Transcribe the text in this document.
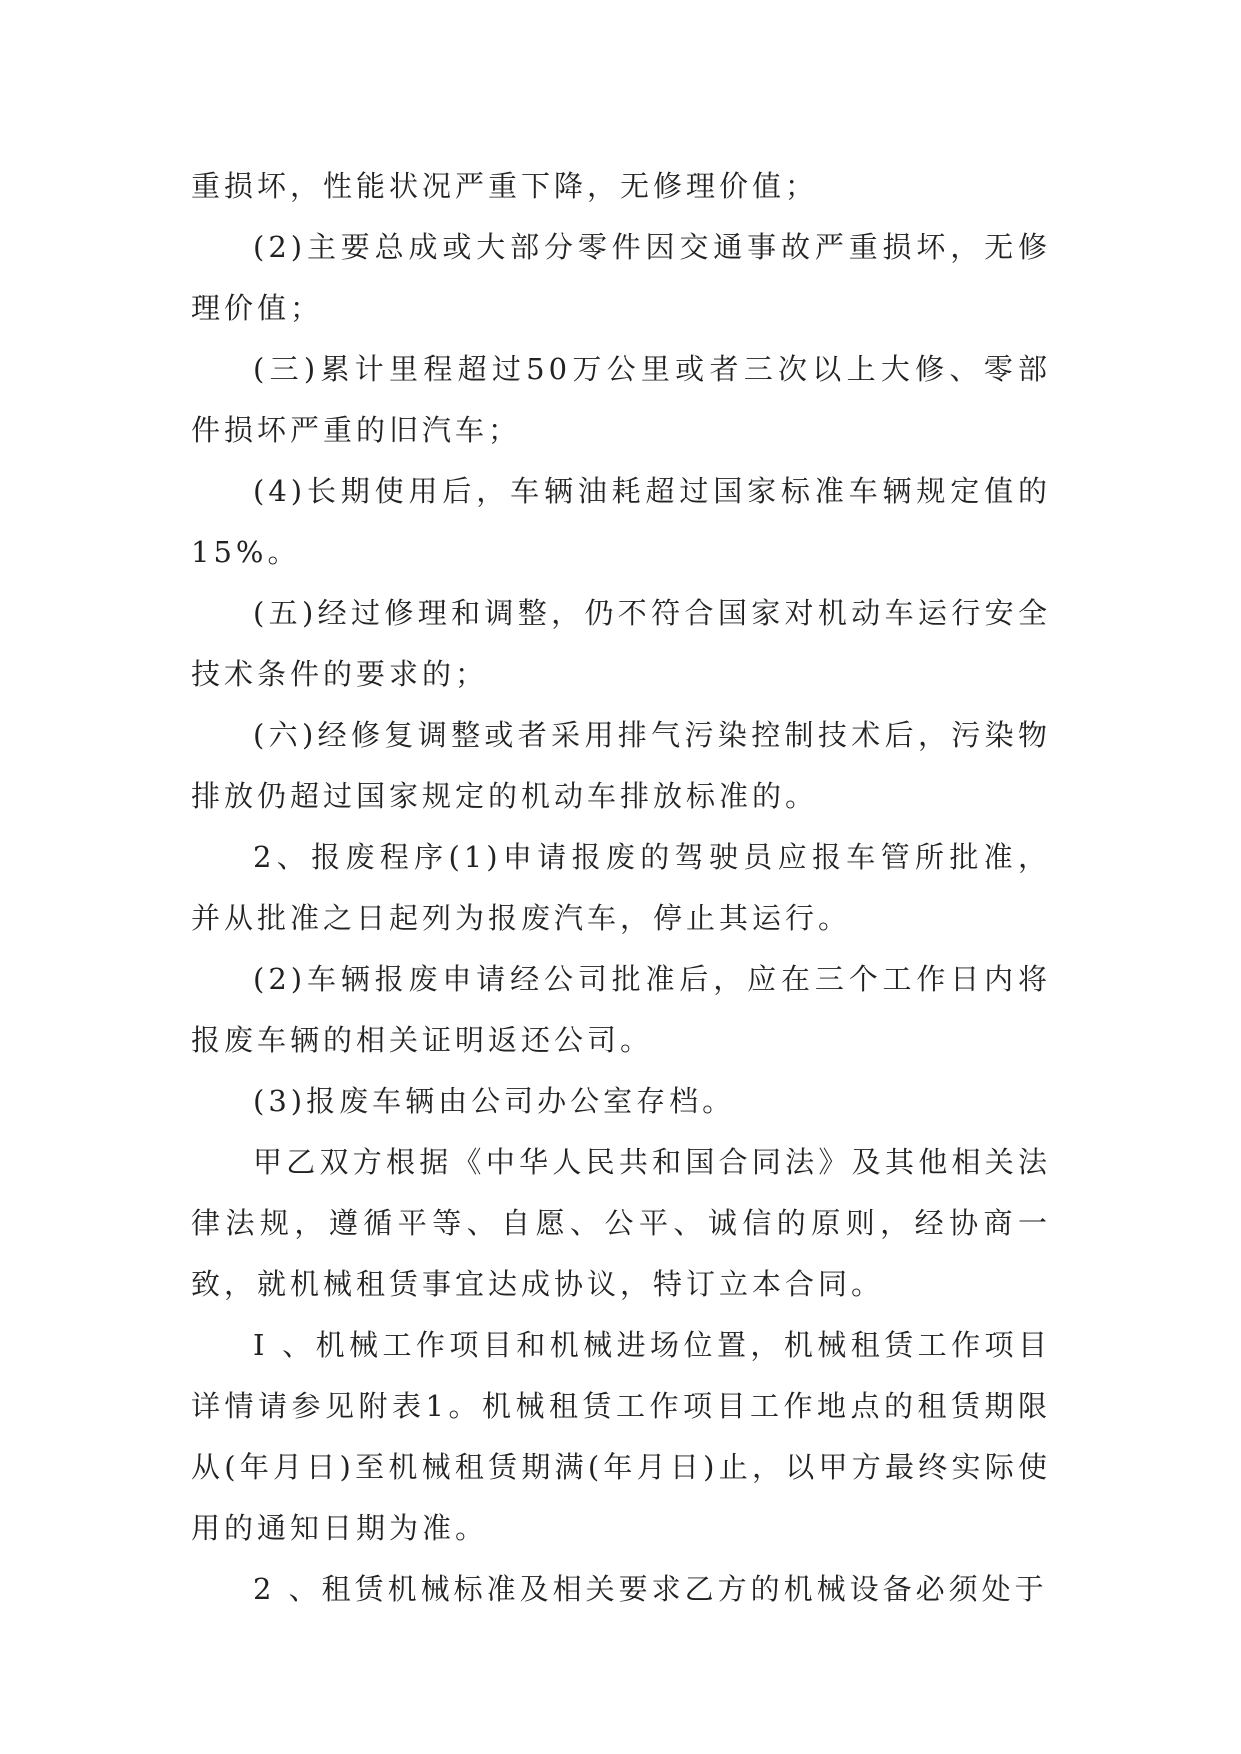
重损坏，性能状况严重下降，无修理价值；

(2)主要总成或大部分零件因交通事故严重损坏，无修理价值；

(三)累计里程超过50万公里或者三次以上大修、零部件损坏严重的旧汽车；

(4)长期使用后，车辆油耗超过国家标准车辆规定值的15%。

(五)经过修理和调整，仍不符合国家对机动车运行安全技术条件的要求的；

(六)经修复调整或者采用排气污染控制技术后，污染物排放仍超过国家规定的机动车排放标准的。

2、报废程序(1)申请报废的驾驶员应报车管所批准，并从批准之日起列为报废汽车，停止其运行。

(2)车辆报废申请经公司批准后，应在三个工作日内将报废车辆的相关证明返还公司。

(3)报废车辆由公司办公室存档。

甲乙双方根据《中华人民共和国合同法》及其他相关法律法规，遵循平等、自愿、公平、诚信的原则，经协商一致，就机械租赁事宜达成协议，特订立本合同。

I 、机械工作项目和机械进场位置，机械租赁工作项目详情请参见附表1。机械租赁工作项目工作地点的租赁期限从(年月日)至机械租赁期满(年月日)止，以甲方最终实际使用的通知日期为准。

2 、租赁机械标准及相关要求乙方的机械设备必须处于
